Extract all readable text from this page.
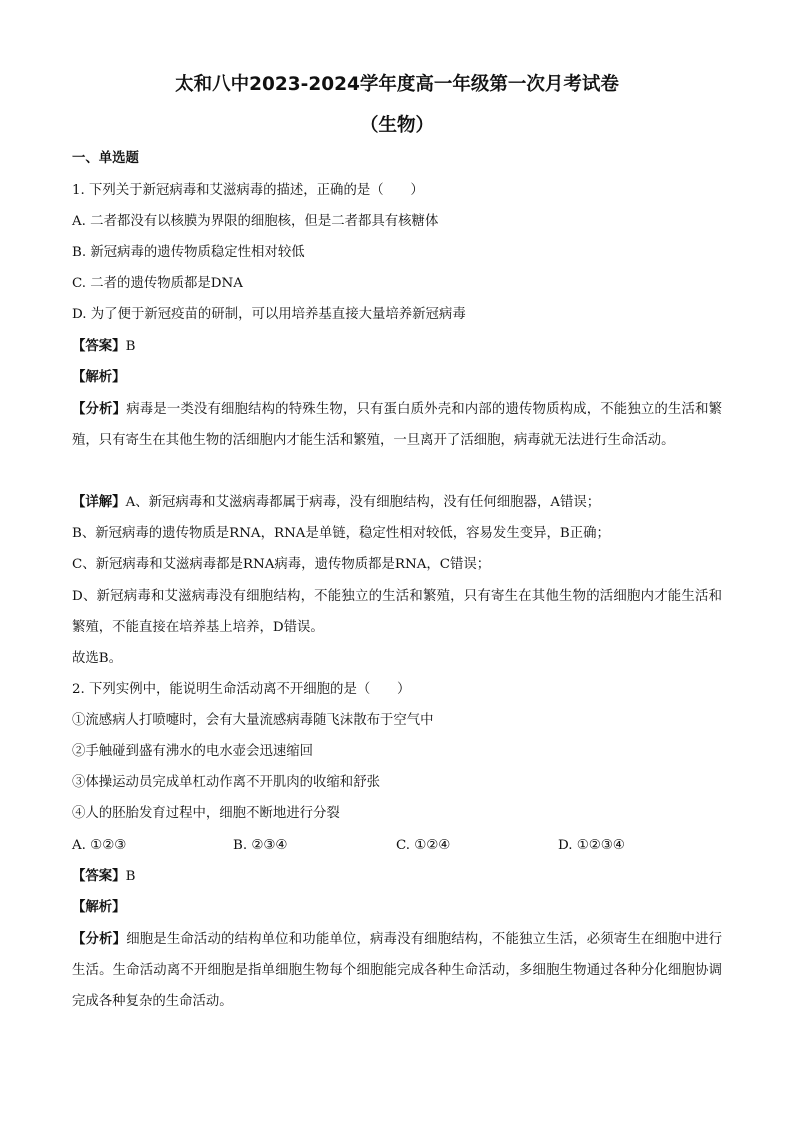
太和八中2023-2024学年度高一年级第一次月考试卷
（生物）
一、单选题
1. 下列关于新冠病毒和艾滋病毒的描述，正确的是（　　）
A. 二者都没有以核膜为界限的细胞核，但是二者都具有核糖体
B. 新冠病毒的遗传物质稳定性相对较低
C. 二者的遗传物质都是DNA
D. 为了便于新冠疫苗的研制，可以用培养基直接大量培养新冠病毒
【答案】B
【解析】
【分析】病毒是一类没有细胞结构的特殊生物，只有蛋白质外壳和内部的遗传物质构成，不能独立的生活和繁殖，只有寄生在其他生物的活细胞内才能生活和繁殖，一旦离开了活细胞，病毒就无法进行生命活动。
【详解】A、新冠病毒和艾滋病毒都属于病毒，没有细胞结构，没有任何细胞器，A错误；
B、新冠病毒的遗传物质是RNA，RNA是单链，稳定性相对较低，容易发生变异，B正确；
C、新冠病毒和艾滋病毒都是RNA病毒，遗传物质都是RNA，C错误；
D、新冠病毒和艾滋病毒没有细胞结构，不能独立的生活和繁殖，只有寄生在其他生物的活细胞内才能生活和繁殖，不能直接在培养基上培养，D错误。
故选B。
2. 下列实例中，能说明生命活动离不开细胞的是（　　）
①流感病人打喷嚏时，会有大量流感病毒随飞沫散布于空气中
②手触碰到盛有沸水的电水壶会迅速缩回
③体操运动员完成单杠动作离不开肌肉的收缩和舒张
④人的胚胎发育过程中，细胞不断地进行分裂
A. ①②③	B. ②③④	C. ①②④	D. ①②③④
【答案】B
【解析】
【分析】细胞是生命活动的结构单位和功能单位，病毒没有细胞结构，不能独立生活，必须寄生在细胞中进行生活。生命活动离不开细胞是指单细胞生物每个细胞能完成各种生命活动，多细胞生物通过各种分化细胞协调完成各种复杂的生命活动。
